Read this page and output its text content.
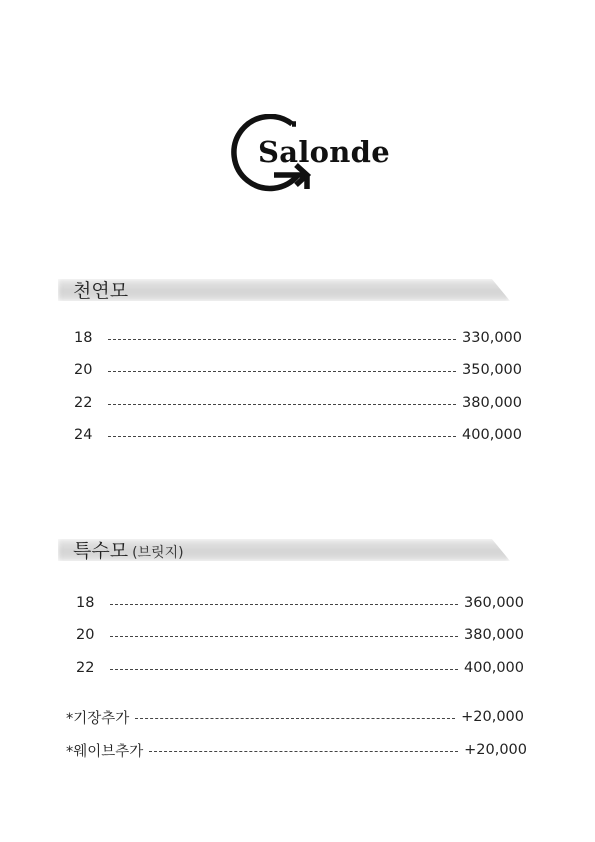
Salonde
천연모
18	330,000
20	350,000
22	380,000
24	400,000
특수모 (브릿지)
18	360,000
20	380,000
22	400,000
*기장추가	+20,000
*웨이브추가	+20,000
